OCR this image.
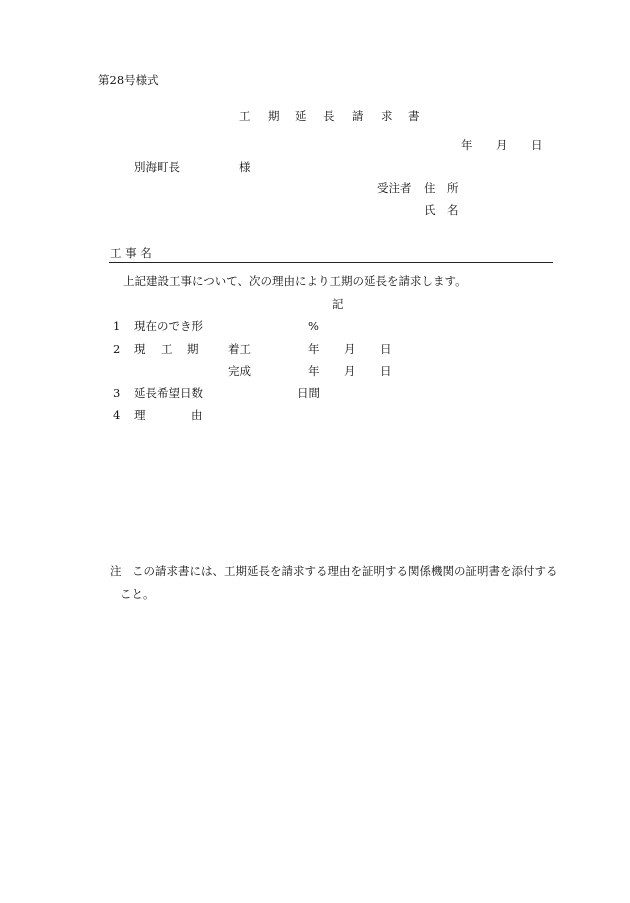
第28号様式
工 期 延 長 請 求 書
年 月 日
別海町長	様
受注者 住　所
氏　名
工 事 名
上記建設工事について、次の理由により工期の延長を請求します。
記
1 現在のでき形	%
2 現 工 期	着工	年 月 日
完成	年 月 日
3 延長希望日数	日間
4 理	由
注 この請求書には、工期延長を請求する理由を証明する関係機関の証明書を添付する
こと。
